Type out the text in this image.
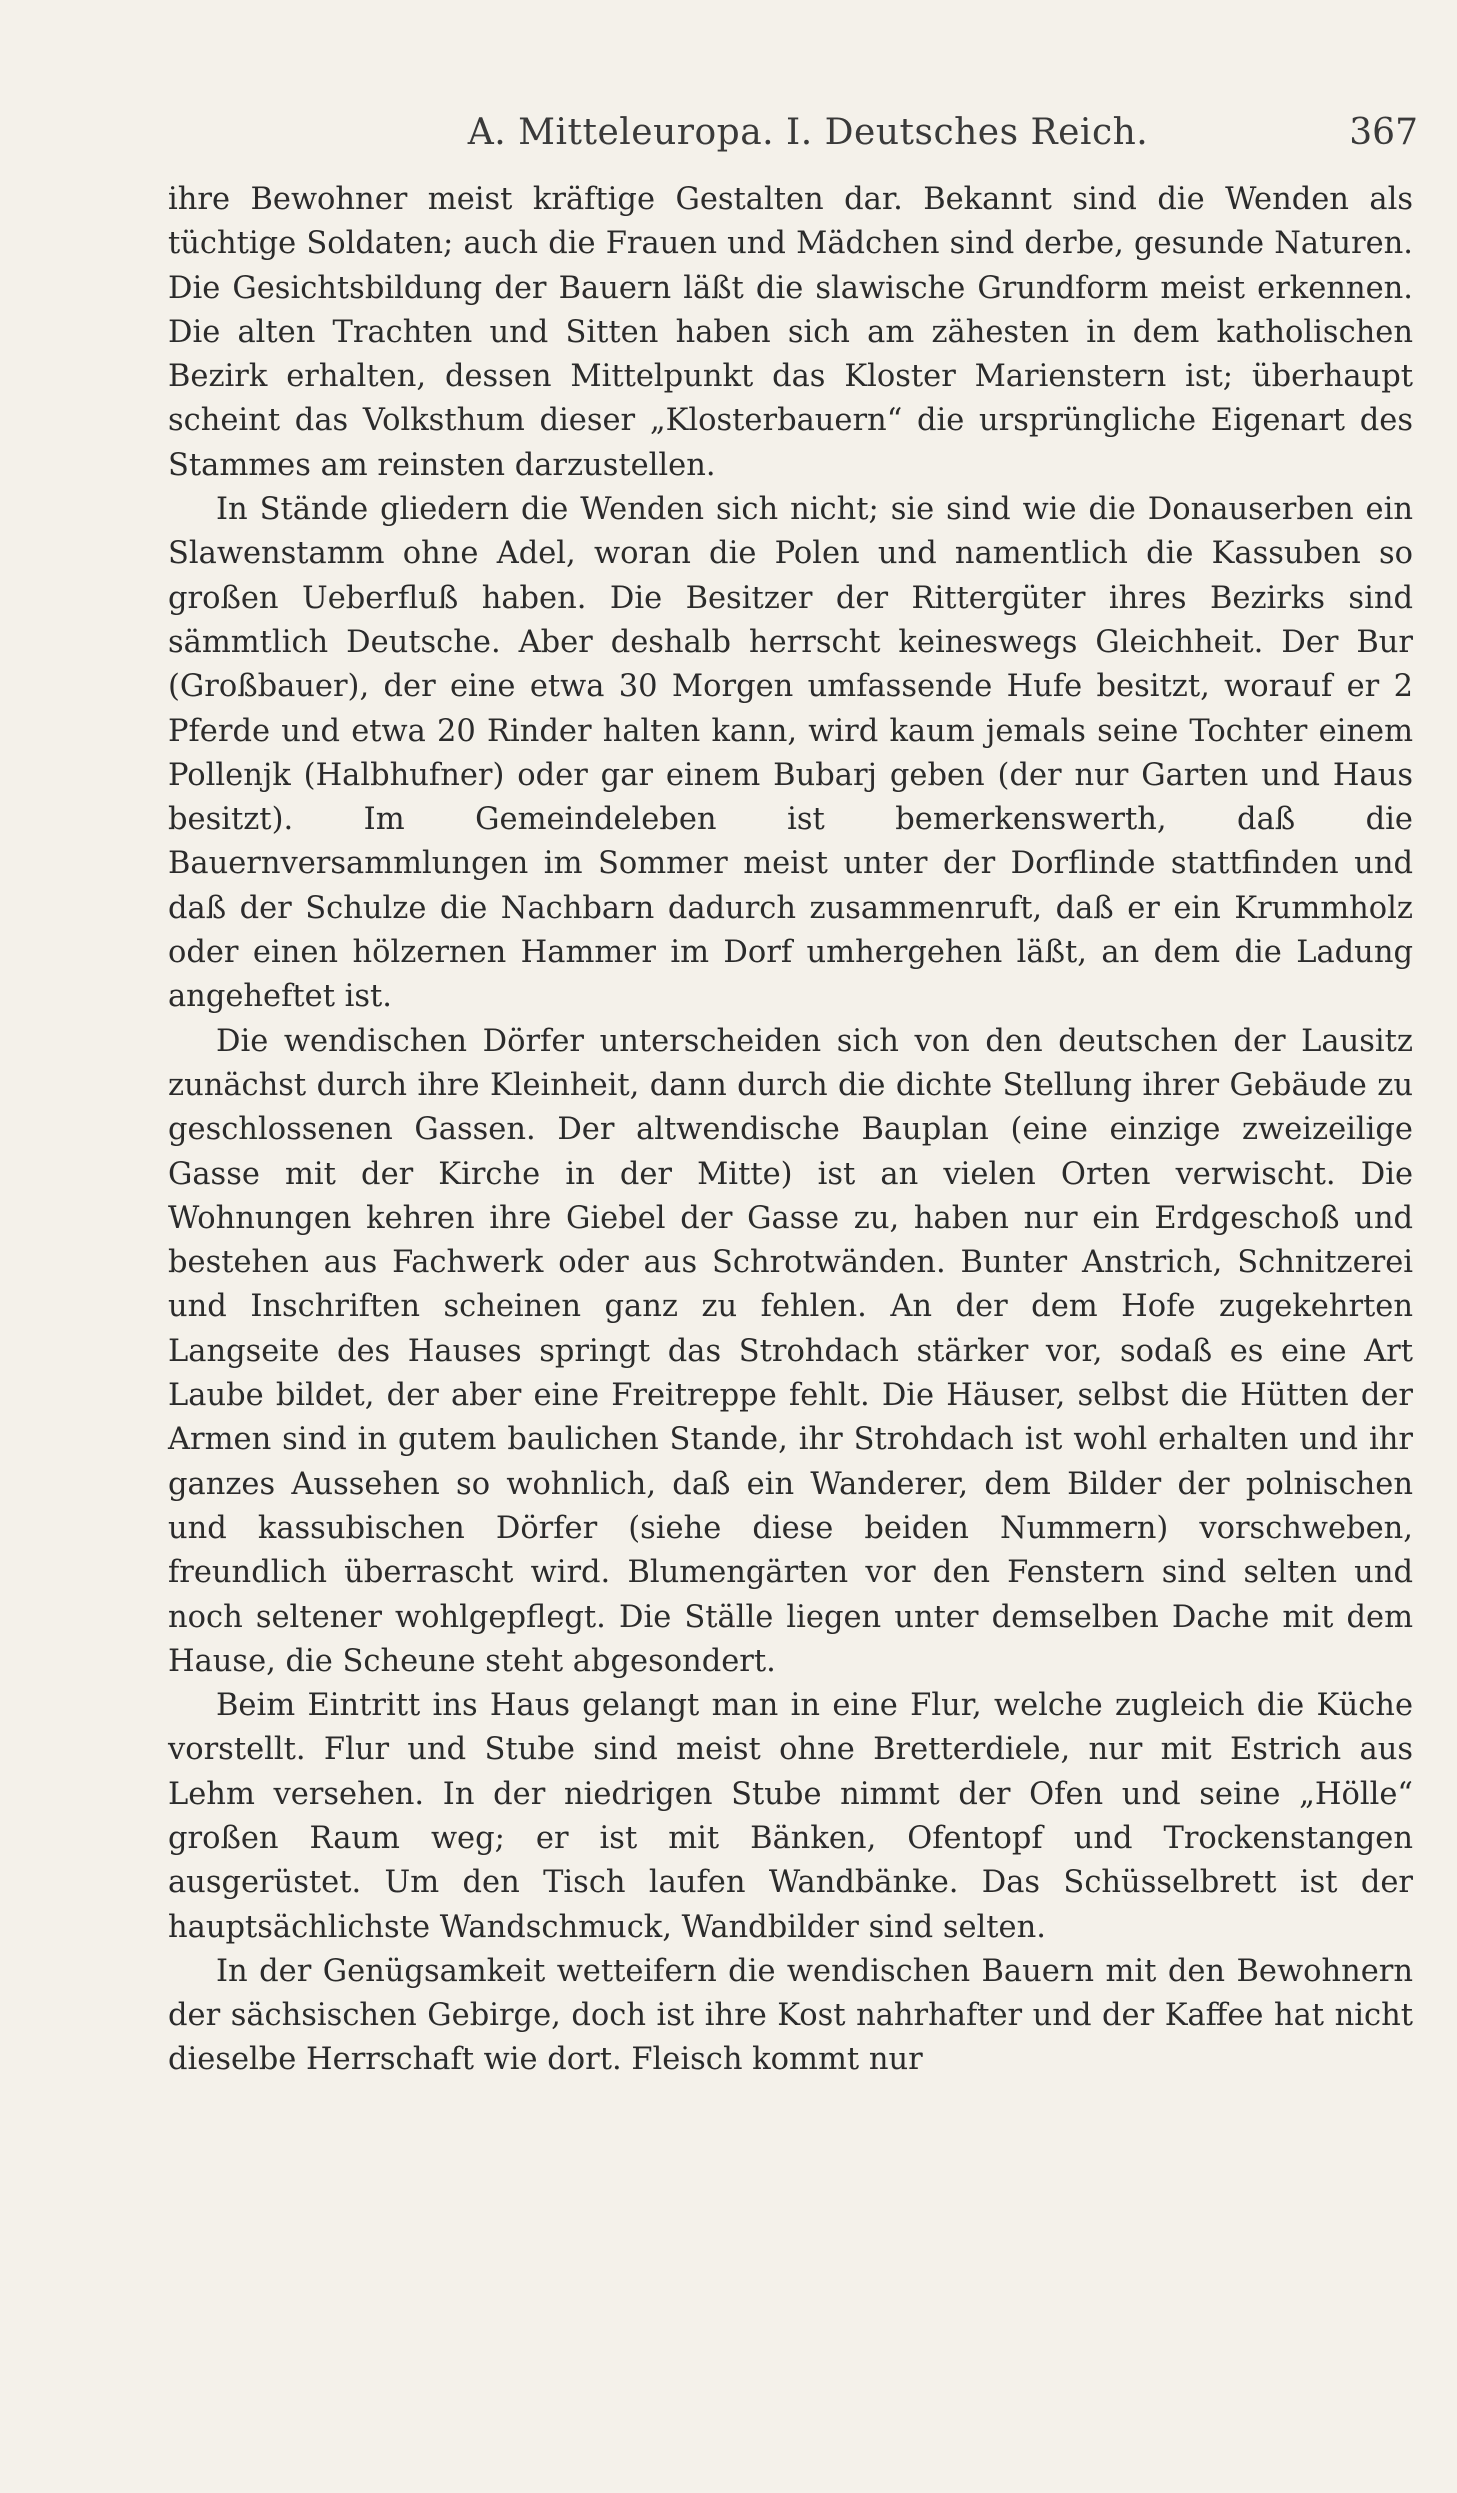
A. Mitteleuropa. I. Deutsches Reich.	367

ihre Bewohner meist kräftige Gestalten dar. Bekannt sind die Wenden als tüchtige Soldaten; auch die Frauen und Mädchen sind derbe, gesunde Naturen. Die Gesichtsbildung der Bauern läßt die slawische Grundform meist erkennen. Die alten Trachten und Sitten haben sich am zähesten in dem katholischen Bezirk erhalten, dessen Mittelpunkt das Kloster Marienstern ist; überhaupt scheint das Volksthum dieser „Klosterbauern“ die ursprüngliche Eigenart des Stammes am reinsten darzustellen.

In Stände gliedern die Wenden sich nicht; sie sind wie die Donauserben ein Slawenstamm ohne Adel, woran die Polen und namentlich die Kassuben so großen Ueberfluß haben. Die Besitzer der Rittergüter ihres Bezirks sind sämmtlich Deutsche. Aber deshalb herrscht keineswegs Gleichheit. Der Bur (Großbauer), der eine etwa 30 Morgen umfassende Hufe besitzt, worauf er 2 Pferde und etwa 20 Rinder halten kann, wird kaum jemals seine Tochter einem Pollenjk (Halbhufner) oder gar einem Bubarj geben (der nur Garten und Haus besitzt). Im Gemeindeleben ist bemerkenswerth, daß die Bauernversammlungen im Sommer meist unter der Dorflinde stattfinden und daß der Schulze die Nachbarn dadurch zusammenruft, daß er ein Krummholz oder einen hölzernen Hammer im Dorf umhergehen läßt, an dem die Ladung angeheftet ist.

Die wendischen Dörfer unterscheiden sich von den deutschen der Lausitz zunächst durch ihre Kleinheit, dann durch die dichte Stellung ihrer Gebäude zu geschlossenen Gassen. Der altwendische Bauplan (eine einzige zweizeilige Gasse mit der Kirche in der Mitte) ist an vielen Orten verwischt. Die Wohnungen kehren ihre Giebel der Gasse zu, haben nur ein Erdgeschoß und bestehen aus Fachwerk oder aus Schrotwänden. Bunter Anstrich, Schnitzerei und Inschriften scheinen ganz zu fehlen. An der dem Hofe zugekehrten Langseite des Hauses springt das Strohdach stärker vor, sodaß es eine Art Laube bildet, der aber eine Freitreppe fehlt. Die Häuser, selbst die Hütten der Armen sind in gutem baulichen Stande, ihr Strohdach ist wohl erhalten und ihr ganzes Aussehen so wohnlich, daß ein Wanderer, dem Bilder der polnischen und kassubischen Dörfer (siehe diese beiden Nummern) vorschweben, freundlich überrascht wird. Blumengärten vor den Fenstern sind selten und noch seltener wohlgepflegt. Die Ställe liegen unter demselben Dache mit dem Hause, die Scheune steht abgesondert.

Beim Eintritt ins Haus gelangt man in eine Flur, welche zugleich die Küche vorstellt. Flur und Stube sind meist ohne Bretterdiele, nur mit Estrich aus Lehm versehen. In der niedrigen Stube nimmt der Ofen und seine „Hölle“ großen Raum weg; er ist mit Bänken, Ofentopf und Trockenstangen ausgerüstet. Um den Tisch laufen Wandbänke. Das Schüsselbrett ist der hauptsächlichste Wandschmuck, Wandbilder sind selten.

In der Genügsamkeit wetteifern die wendischen Bauern mit den Bewohnern der sächsischen Gebirge, doch ist ihre Kost nahrhafter und der Kaffee hat nicht dieselbe Herrschaft wie dort. Fleisch kommt nur
